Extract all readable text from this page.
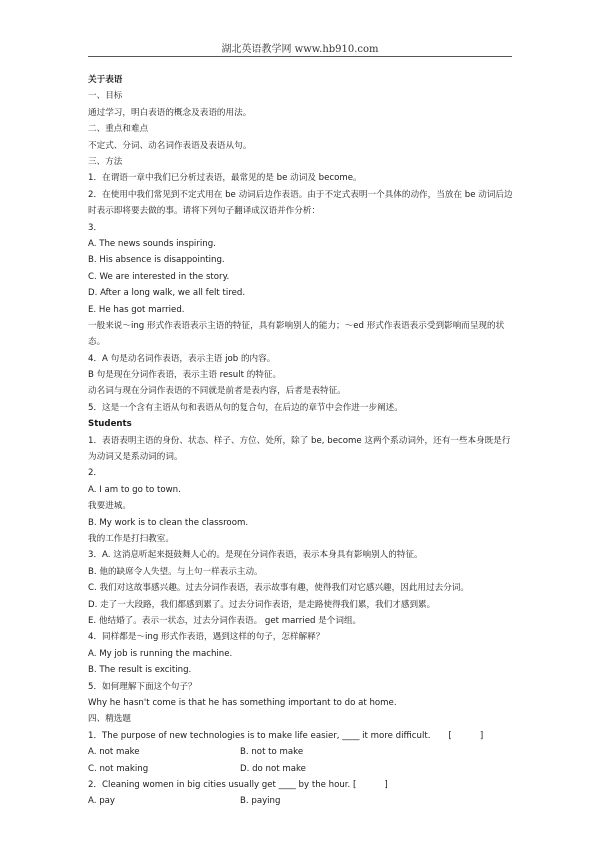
湖北英语教学网 www.hb910.com
关于表语
一、目标
通过学习，明白表语的概念及表语的用法。
二、重点和难点
不定式、分词、动名词作表语及表语从句。
三、方法
1．在谓语一章中我们已分析过表语，最常见的是 be 动词及 become。
2．在使用中我们常见到不定式用在 be 动词后边作表语。由于不定式表明一个具体的动作，当放在 be 动词后边时表示即将要去做的事。请将下列句子翻译成汉语并作分析：
3．
A. The news sounds inspiring.
B. His absence is disappointing.
C. We are interested in the story.
D. After a long walk, we all felt tired.
E. He has got married.
一般来说～ing 形式作表语表示主语的特征，具有影响别人的能力；～ed 形式作表语表示受到影响而呈现的状态。
4．A 句是动名词作表语，表示主语 job 的内容。
B 句是现在分词作表语，表示主语 result 的特征。
动名词与现在分词作表语的不同就是前者是表内容，后者是表特征。
5．这是一个含有主语从句和表语从句的复合句，在后边的章节中会作进一步阐述。
Students
1．表语表明主语的身份、状态、样子、方位、处所，除了 be, become 这两个系动词外，还有一些本身既是行为动词又是系动词的词。
2．
A. I am to go to town.
我要进城。
B. My work is to clean the classroom.
我的工作是打扫教室。
3．A. 这消息听起来挺鼓舞人心的。是现在分词作表语，表示本身具有影响别人的特征。
B. 他的缺席令人失望。与上句一样表示主动。
C. 我们对这故事感兴趣。过去分词作表语，表示故事有趣，使得我们对它感兴趣，因此用过去分词。
D. 走了一大段路，我们都感到累了。过去分词作表语，是走路使得我们累，我们才感到累。
E. 他结婚了。表示一状态，过去分词作表语。 get married 是个词组。
4．同样都是～ing 形式作表语，遇到这样的句子，怎样解释？
A. My job is running the machine.
B. The result is exciting.
5．如何理解下面这个句子？
Why he hasn't come is that he has something important to do at home.
四、精选题
1．The purpose of new technologies is to make life easier, ____ it more difficult. [	]
A. not make	B. not to make
C. not making	D. do not make
2．Cleaning women in big cities usually get ____ by the hour. [	]
A. pay	B. paying
